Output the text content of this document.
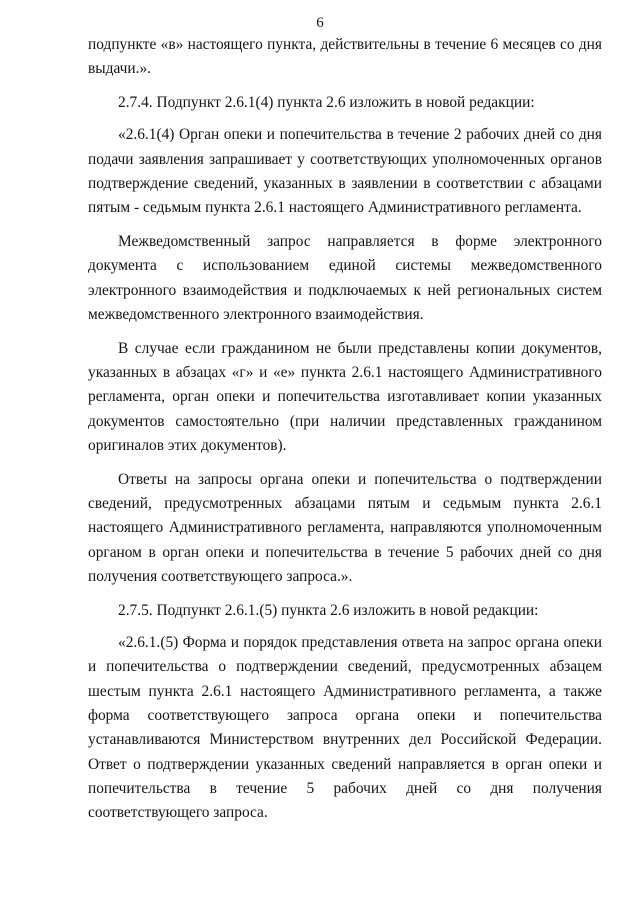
6

подпункте «в» настоящего пункта, действительны в течение 6 месяцев со дня выдачи.».

2.7.4. Подпункт 2.6.1(4) пункта 2.6 изложить в новой редакции:

«2.6.1(4) Орган опеки и попечительства в течение 2 рабочих дней со дня подачи заявления запрашивает у соответствующих уполномоченных органов подтверждение сведений, указанных в заявлении в соответствии с абзацами пятым - седьмым пункта 2.6.1 настоящего Административного регламента.

Межведомственный запрос направляется в форме электронного документа с использованием единой системы межведомственного электронного взаимодействия и подключаемых к ней региональных систем межведомственного электронного взаимодействия.

В случае если гражданином не были представлены копии документов, указанных в абзацах «г» и «е» пункта 2.6.1 настоящего Административного регламента, орган опеки и попечительства изготавливает копии указанных документов самостоятельно (при наличии представленных гражданином оригиналов этих документов).

Ответы на запросы органа опеки и попечительства о подтверждении сведений, предусмотренных абзацами пятым и седьмым пункта 2.6.1 настоящего Административного регламента, направляются уполномоченным органом в орган опеки и попечительства в течение 5 рабочих дней со дня получения соответствующего запроса.».

2.7.5. Подпункт 2.6.1.(5) пункта 2.6 изложить в новой редакции:

«2.6.1.(5) Форма и порядок представления ответа на запрос органа опеки и попечительства о подтверждении сведений, предусмотренных абзацем шестым пункта 2.6.1 настоящего Административного регламента, а также форма соответствующего запроса органа опеки и попечительства устанавливаются Министерством внутренних дел Российской Федерации. Ответ о подтверждении указанных сведений направляется в орган опеки и попечительства в течение 5 рабочих дней со дня получения соответствующего запроса.
